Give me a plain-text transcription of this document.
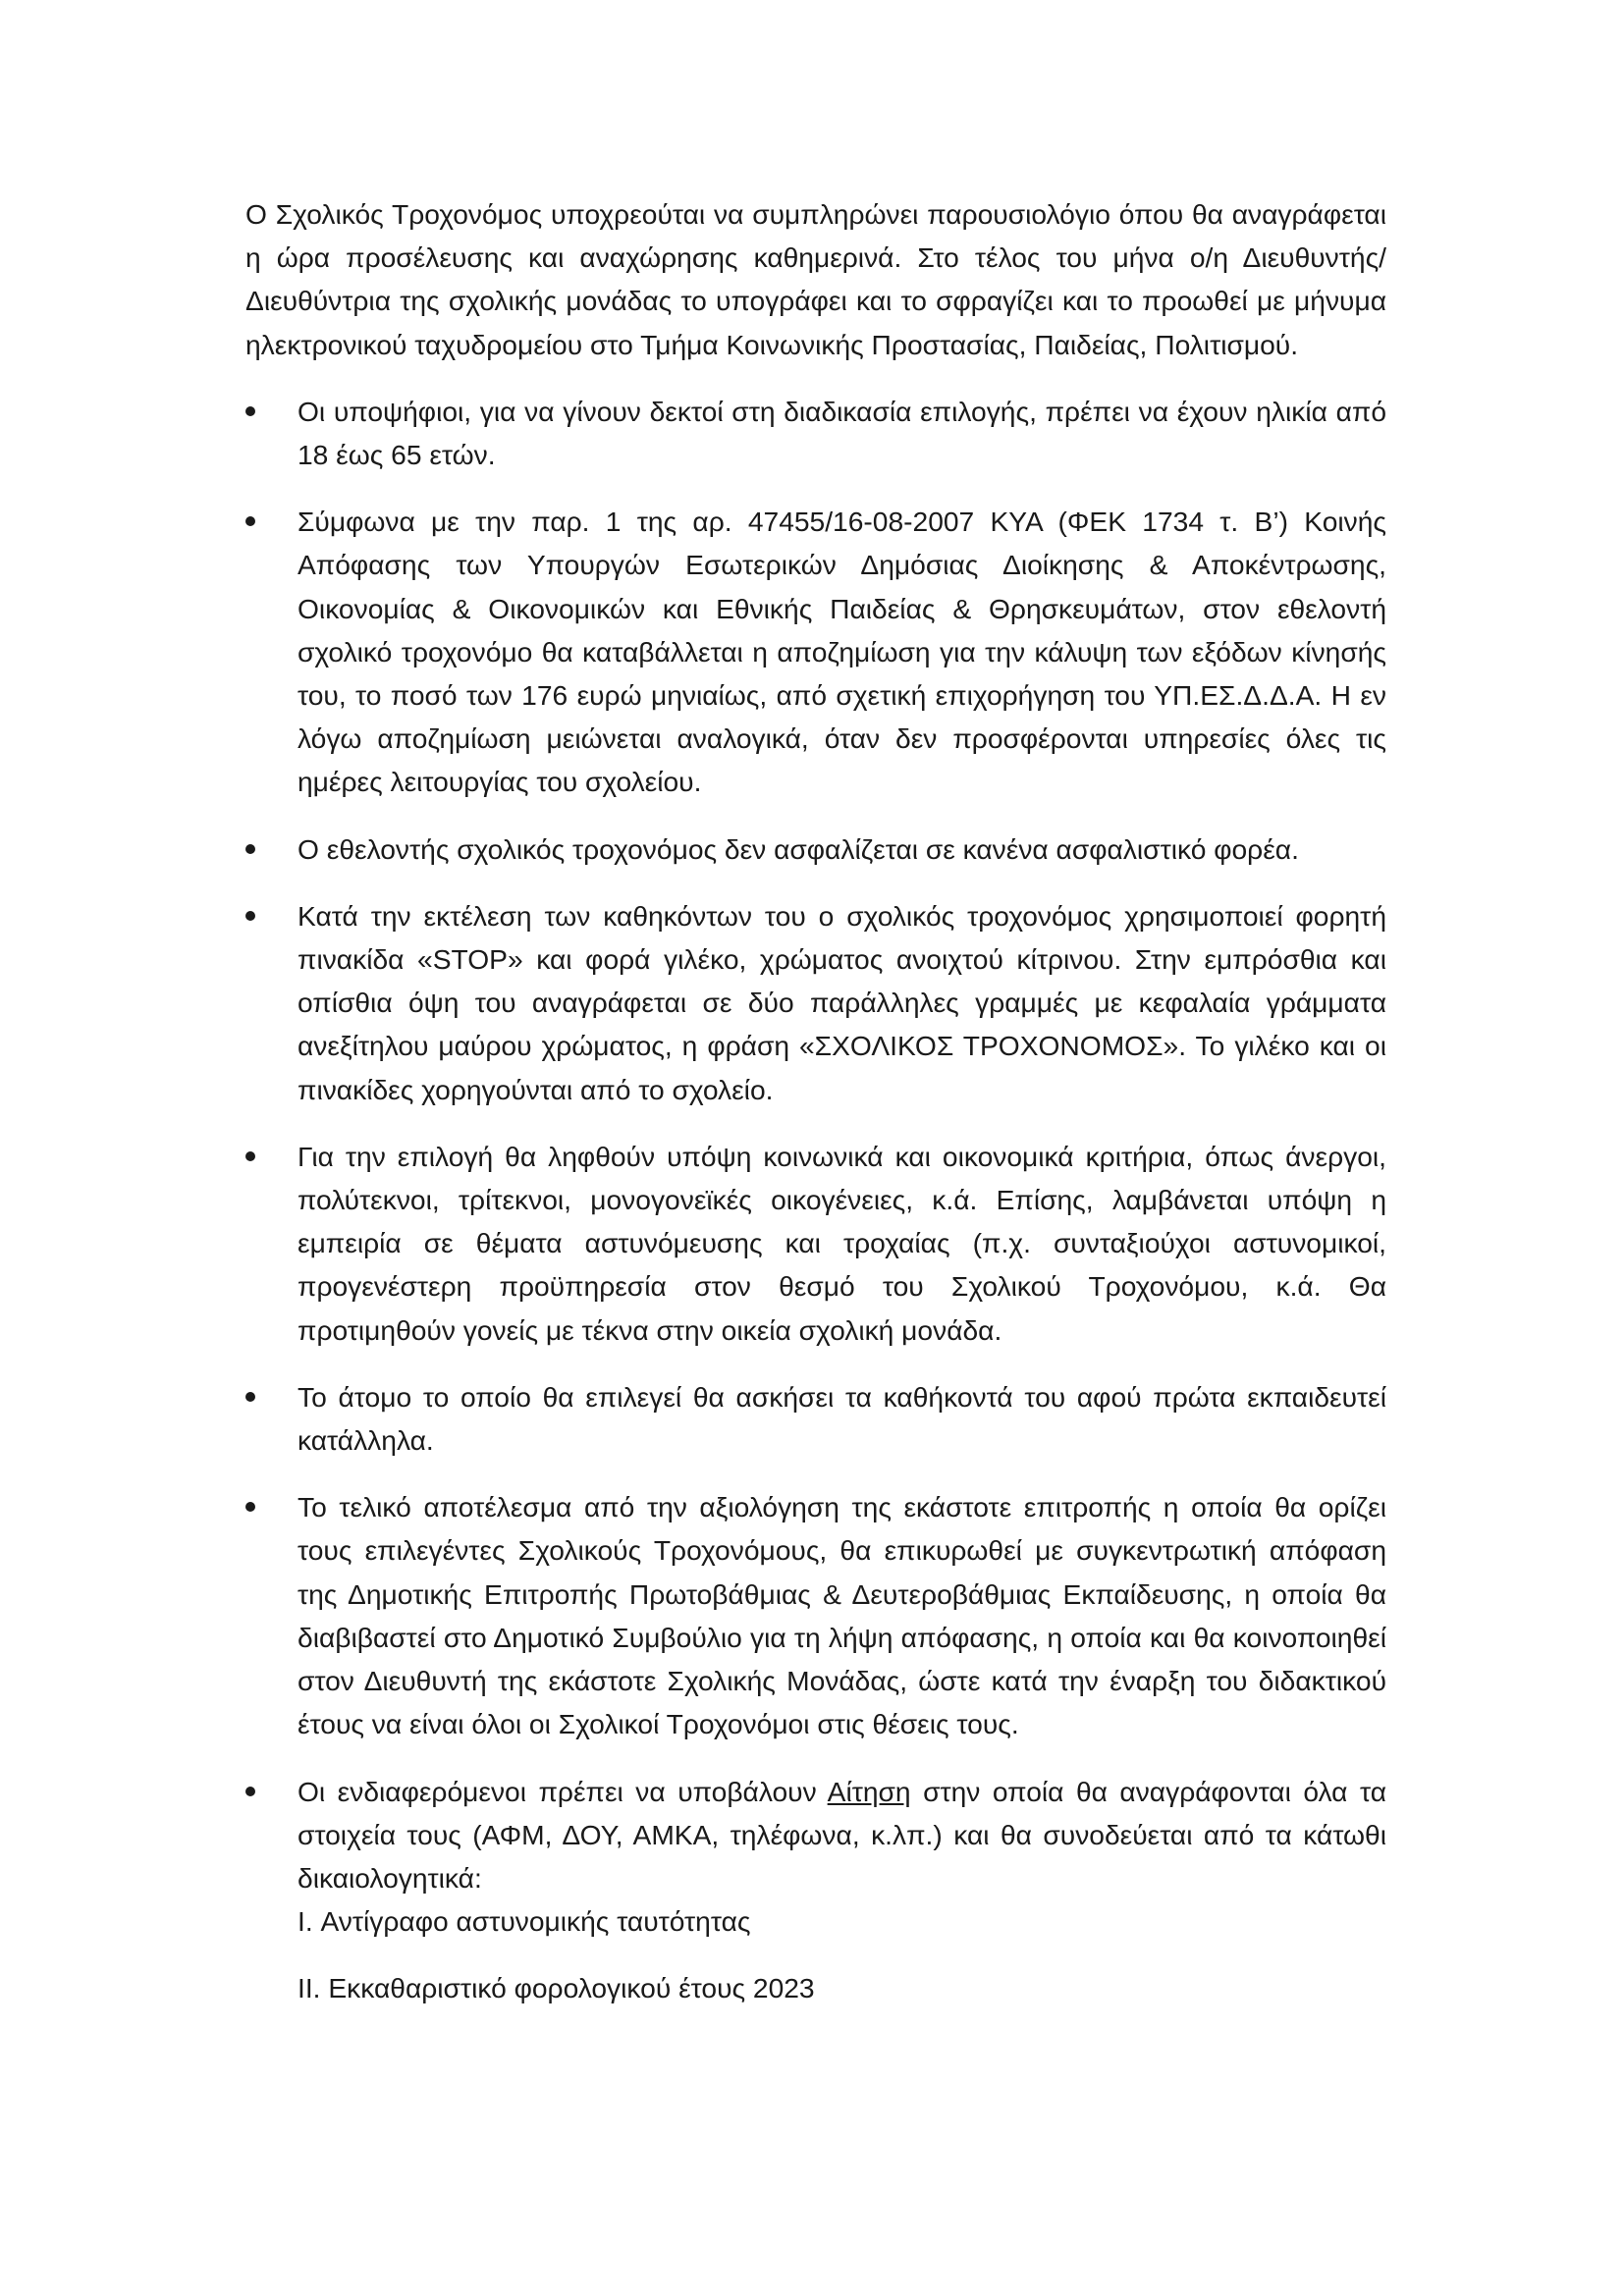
Ο Σχολικός Τροχονόμος υποχρεούται να συμπληρώνει παρουσιολόγιο όπου θα αναγράφεται η ώρα προσέλευσης και αναχώρησης καθημερινά. Στο τέλος του μήνα ο/η Διευθυντής/Διευθύντρια της σχολικής μονάδας το υπογράφει και το σφραγίζει και το προωθεί με μήνυμα ηλεκτρονικού ταχυδρομείου στο Τμήμα Κοινωνικής Προστασίας, Παιδείας, Πολιτισμού.

Οι υποψήφιοι, για να γίνουν δεκτοί στη διαδικασία επιλογής, πρέπει να έχουν ηλικία από 18 έως 65 ετών.

Σύμφωνα με την παρ. 1 της αρ. 47455/16-08-2007 ΚΥΑ (ΦΕΚ 1734 τ. Β’) Κοινής Απόφασης των Υπουργών Εσωτερικών Δημόσιας Διοίκησης & Αποκέντρωσης, Οικονομίας & Οικονομικών και Εθνικής Παιδείας & Θρησκευμάτων, στον εθελοντή σχολικό τροχονόμο θα καταβάλλεται η αποζημίωση για την κάλυψη των εξόδων κίνησής του, το ποσό των 176 ευρώ μηνιαίως, από σχετική επιχορήγηση του ΥΠ.ΕΣ.Δ.Δ.Α. Η εν λόγω αποζημίωση μειώνεται αναλογικά, όταν δεν προσφέρονται υπηρεσίες όλες τις ημέρες λειτουργίας του σχολείου.

Ο εθελοντής σχολικός τροχονόμος δεν ασφαλίζεται σε κανένα ασφαλιστικό φορέα.

Κατά την εκτέλεση των καθηκόντων του ο σχολικός τροχονόμος χρησιμοποιεί φορητή πινακίδα «STOP» και φορά γιλέκο, χρώματος ανοιχτού κίτρινου. Στην εμπρόσθια και οπίσθια όψη του αναγράφεται σε δύο παράλληλες γραμμές με κεφαλαία γράμματα ανεξίτηλου μαύρου χρώματος, η φράση «ΣΧΟΛΙΚΟΣ ΤΡΟΧΟΝΟΜΟΣ». Το γιλέκο και οι πινακίδες χορηγούνται από το σχολείο.

Για την επιλογή θα ληφθούν υπόψη κοινωνικά και οικονομικά κριτήρια, όπως άνεργοι, πολύτεκνοι, τρίτεκνοι, μονογονεϊκές οικογένειες, κ.ά. Επίσης, λαμβάνεται υπόψη η εμπειρία σε θέματα αστυνόμευσης και τροχαίας (π.χ. συνταξιούχοι αστυνομικοί, προγενέστερη προϋπηρεσία στον θεσμό του Σχολικού Τροχονόμου, κ.ά. Θα προτιμηθούν γονείς με τέκνα στην οικεία σχολική μονάδα.

Το άτομο το οποίο θα επιλεγεί θα ασκήσει τα καθήκοντά του αφού πρώτα εκπαιδευτεί κατάλληλα.

Το τελικό αποτέλεσμα από την αξιολόγηση της εκάστοτε επιτροπής η οποία θα ορίζει τους επιλεγέντες Σχολικούς Τροχονόμους, θα επικυρωθεί με συγκεντρωτική απόφαση της Δημοτικής Επιτροπής Πρωτοβάθμιας & Δευτεροβάθμιας Εκπαίδευσης, η οποία θα διαβιβαστεί στο Δημοτικό Συμβούλιο για τη λήψη απόφασης, η οποία και θα κοινοποιηθεί στον Διευθυντή της εκάστοτε Σχολικής Μονάδας, ώστε κατά την έναρξη του διδακτικού έτους να είναι όλοι οι Σχολικοί Τροχονόμοι στις θέσεις τους.

Οι ενδιαφερόμενοι πρέπει να υποβάλουν Αίτηση στην οποία θα αναγράφονται όλα τα στοιχεία τους (ΑΦΜ, ΔΟΥ, ΑΜΚΑ, τηλέφωνα, κ.λπ.) και θα συνοδεύεται από τα κάτωθι δικαιολογητικά:

I. Αντίγραφο αστυνομικής ταυτότητας

II. Εκκαθαριστικό φορολογικού έτους 2023
